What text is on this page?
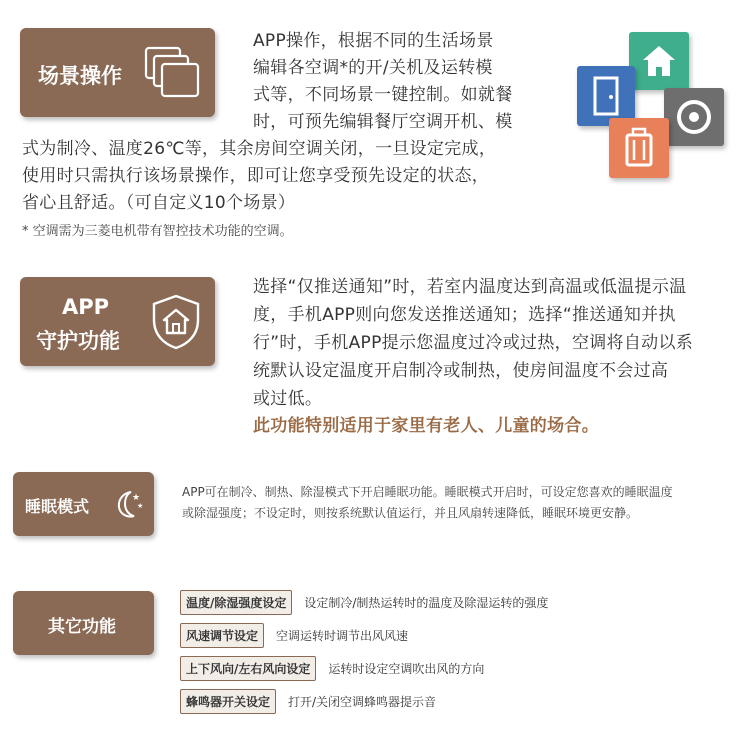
场景操作
APP操作，根据不同的生活场景
编辑各空调*的开/关机及运转模
式等，不同场景一键控制。如就餐
时，可预先编辑餐厅空调开机、模
式为制冷、温度26℃等，其余房间空调关闭，一旦设定完成，
使用时只需执行该场景操作，即可让您享受预先设定的状态，
省心且舒适。（可自定义10个场景）
* 空调需为三菱电机带有智控技术功能的空调。
APP
守护功能
选择“仅推送通知”时，若室内温度达到高温或低温提示温
度，手机APP则向您发送推送通知；选择“推送通知并执
行”时，手机APP提示您温度过冷或过热，空调将自动以系
统默认设定温度开启制冷或制热，使房间温度不会过高
或过低。
此功能特别适用于家里有老人、儿童的场合。
睡眠模式	★
★
APP可在制冷、制热、除湿模式下开启睡眠功能。睡眠模式开启时，可设定您喜欢的睡眠温度
或除湿强度；不设定时，则按系统默认值运行，并且风扇转速降低，睡眠环境更安静。
其它功能
温度/除湿强度设定	设定制冷/制热运转时的温度及除湿运转的强度
风速调节设定	空调运转时调节出风风速
上下风向/左右风向设定	运转时设定空调吹出风的方向
蜂鸣器开关设定	打开/关闭空调蜂鸣器提示音
